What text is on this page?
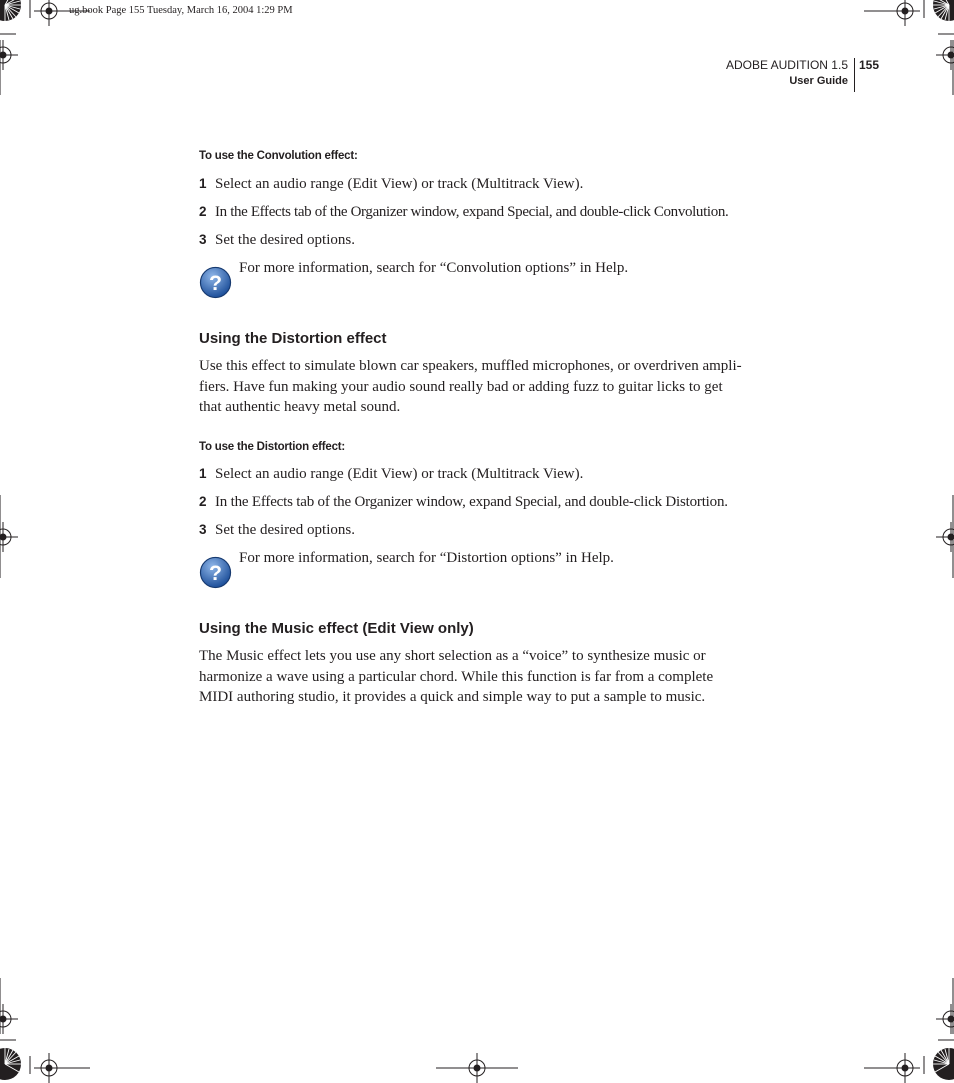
ug.book Page 155 Tuesday, March 16, 2004 1:29 PM
ADOBE AUDITION 1.5
User Guide
155
To use the Convolution effect:
1 Select an audio range (Edit View) or track (Multitrack View).
2 In the Effects tab of the Organizer window, expand Special, and double-click Convolution.
3 Set the desired options.
?
For more information, search for “Convolution options” in Help.
Using the Distortion effect
Use this effect to simulate blown car speakers, muffled microphones, or overdriven ampli-
fiers. Have fun making your audio sound really bad or adding fuzz to guitar licks to get
that authentic heavy metal sound.
To use the Distortion effect:
1 Select an audio range (Edit View) or track (Multitrack View).
2 In the Effects tab of the Organizer window, expand Special, and double-click Distortion.
3 Set the desired options.
?
For more information, search for “Distortion options” in Help.
Using the Music effect (Edit View only)
The Music effect lets you use any short selection as a “voice” to synthesize music or
harmonize a wave using a particular chord. While this function is far from a complete
MIDI authoring studio, it provides a quick and simple way to put a sample to music.
